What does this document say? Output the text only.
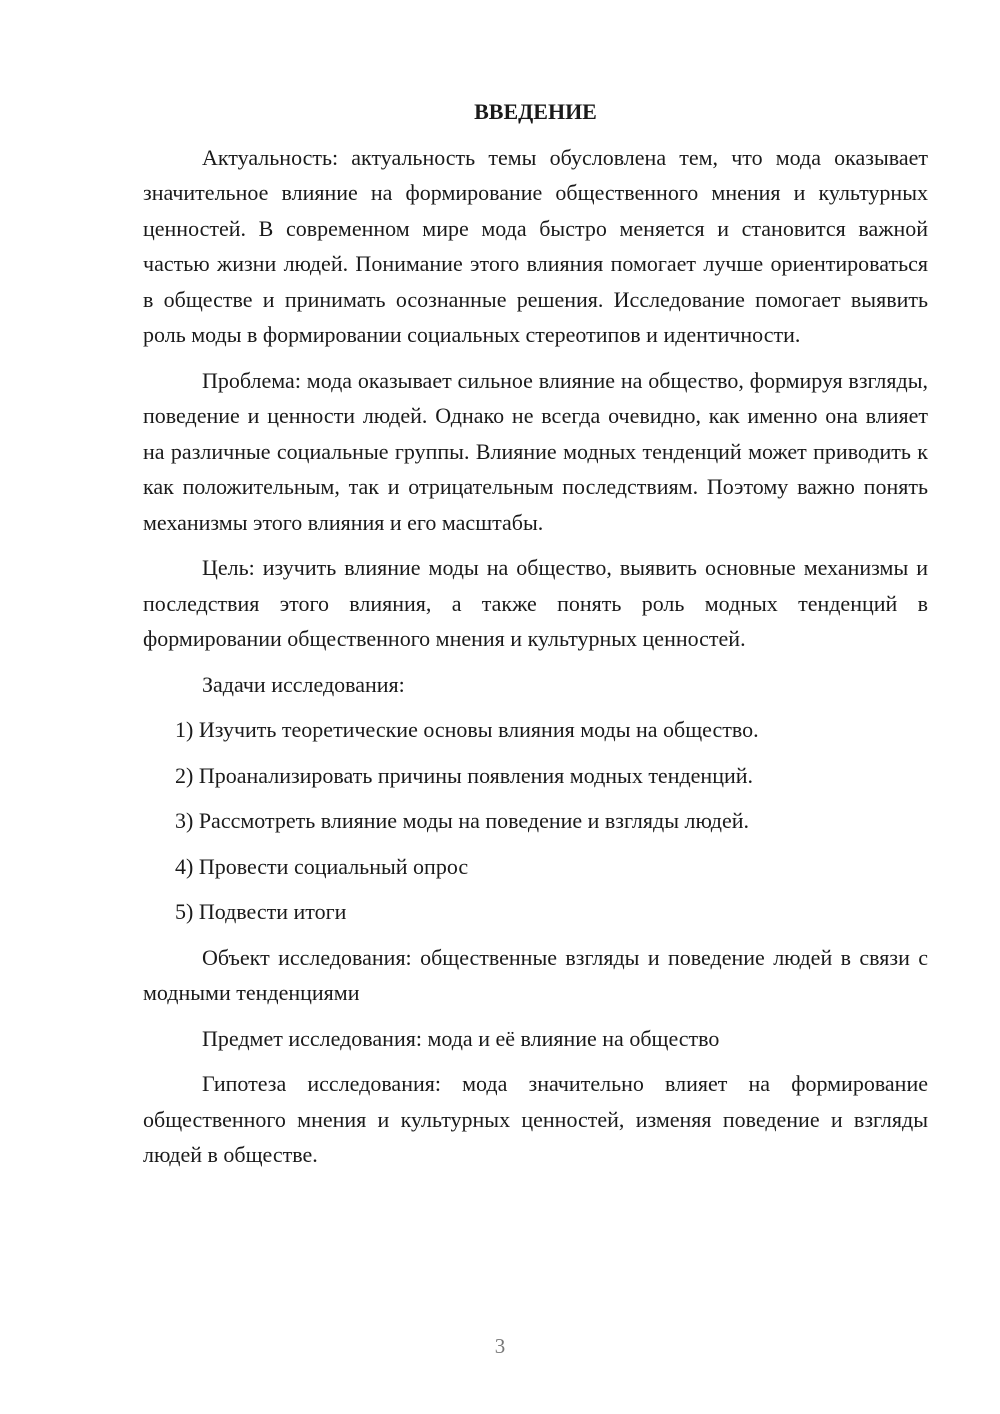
ВВЕДЕНИЕ

Актуальность: актуальность темы обусловлена тем, что мода оказывает значительное влияние на формирование общественного мнения и культурных ценностей. В современном мире мода быстро меняется и становится важной частью жизни людей. Понимание этого влияния помогает лучше ориентироваться в обществе и принимать осознанные решения. Исследование помогает выявить роль моды в формировании социальных стереотипов и идентичности.

Проблема: мода оказывает сильное влияние на общество, формируя взгляды, поведение и ценности людей. Однако не всегда очевидно, как именно она влияет на различные социальные группы. Влияние модных тенденций может приводить к как положительным, так и отрицательным последствиям. Поэтому важно понять механизмы этого влияния и его масштабы.

Цель: изучить влияние моды на общество, выявить основные механизмы и последствия этого влияния, а также понять роль модных тенденций в формировании общественного мнения и культурных ценностей.

Задачи исследования:

1) Изучить теоретические основы влияния моды на общество.
2) Проанализировать причины появления модных тенденций.
3) Рассмотреть влияние моды на поведение и взгляды людей.
4) Провести социальный опрос
5) Подвести итоги

Объект исследования: общественные взгляды и поведение людей в связи с модными тенденциями

Предмет исследования: мода и её влияние на общество

Гипотеза исследования: мода значительно влияет на формирование общественного мнения и культурных ценностей, изменяя поведение и взгляды людей в обществе.

3
